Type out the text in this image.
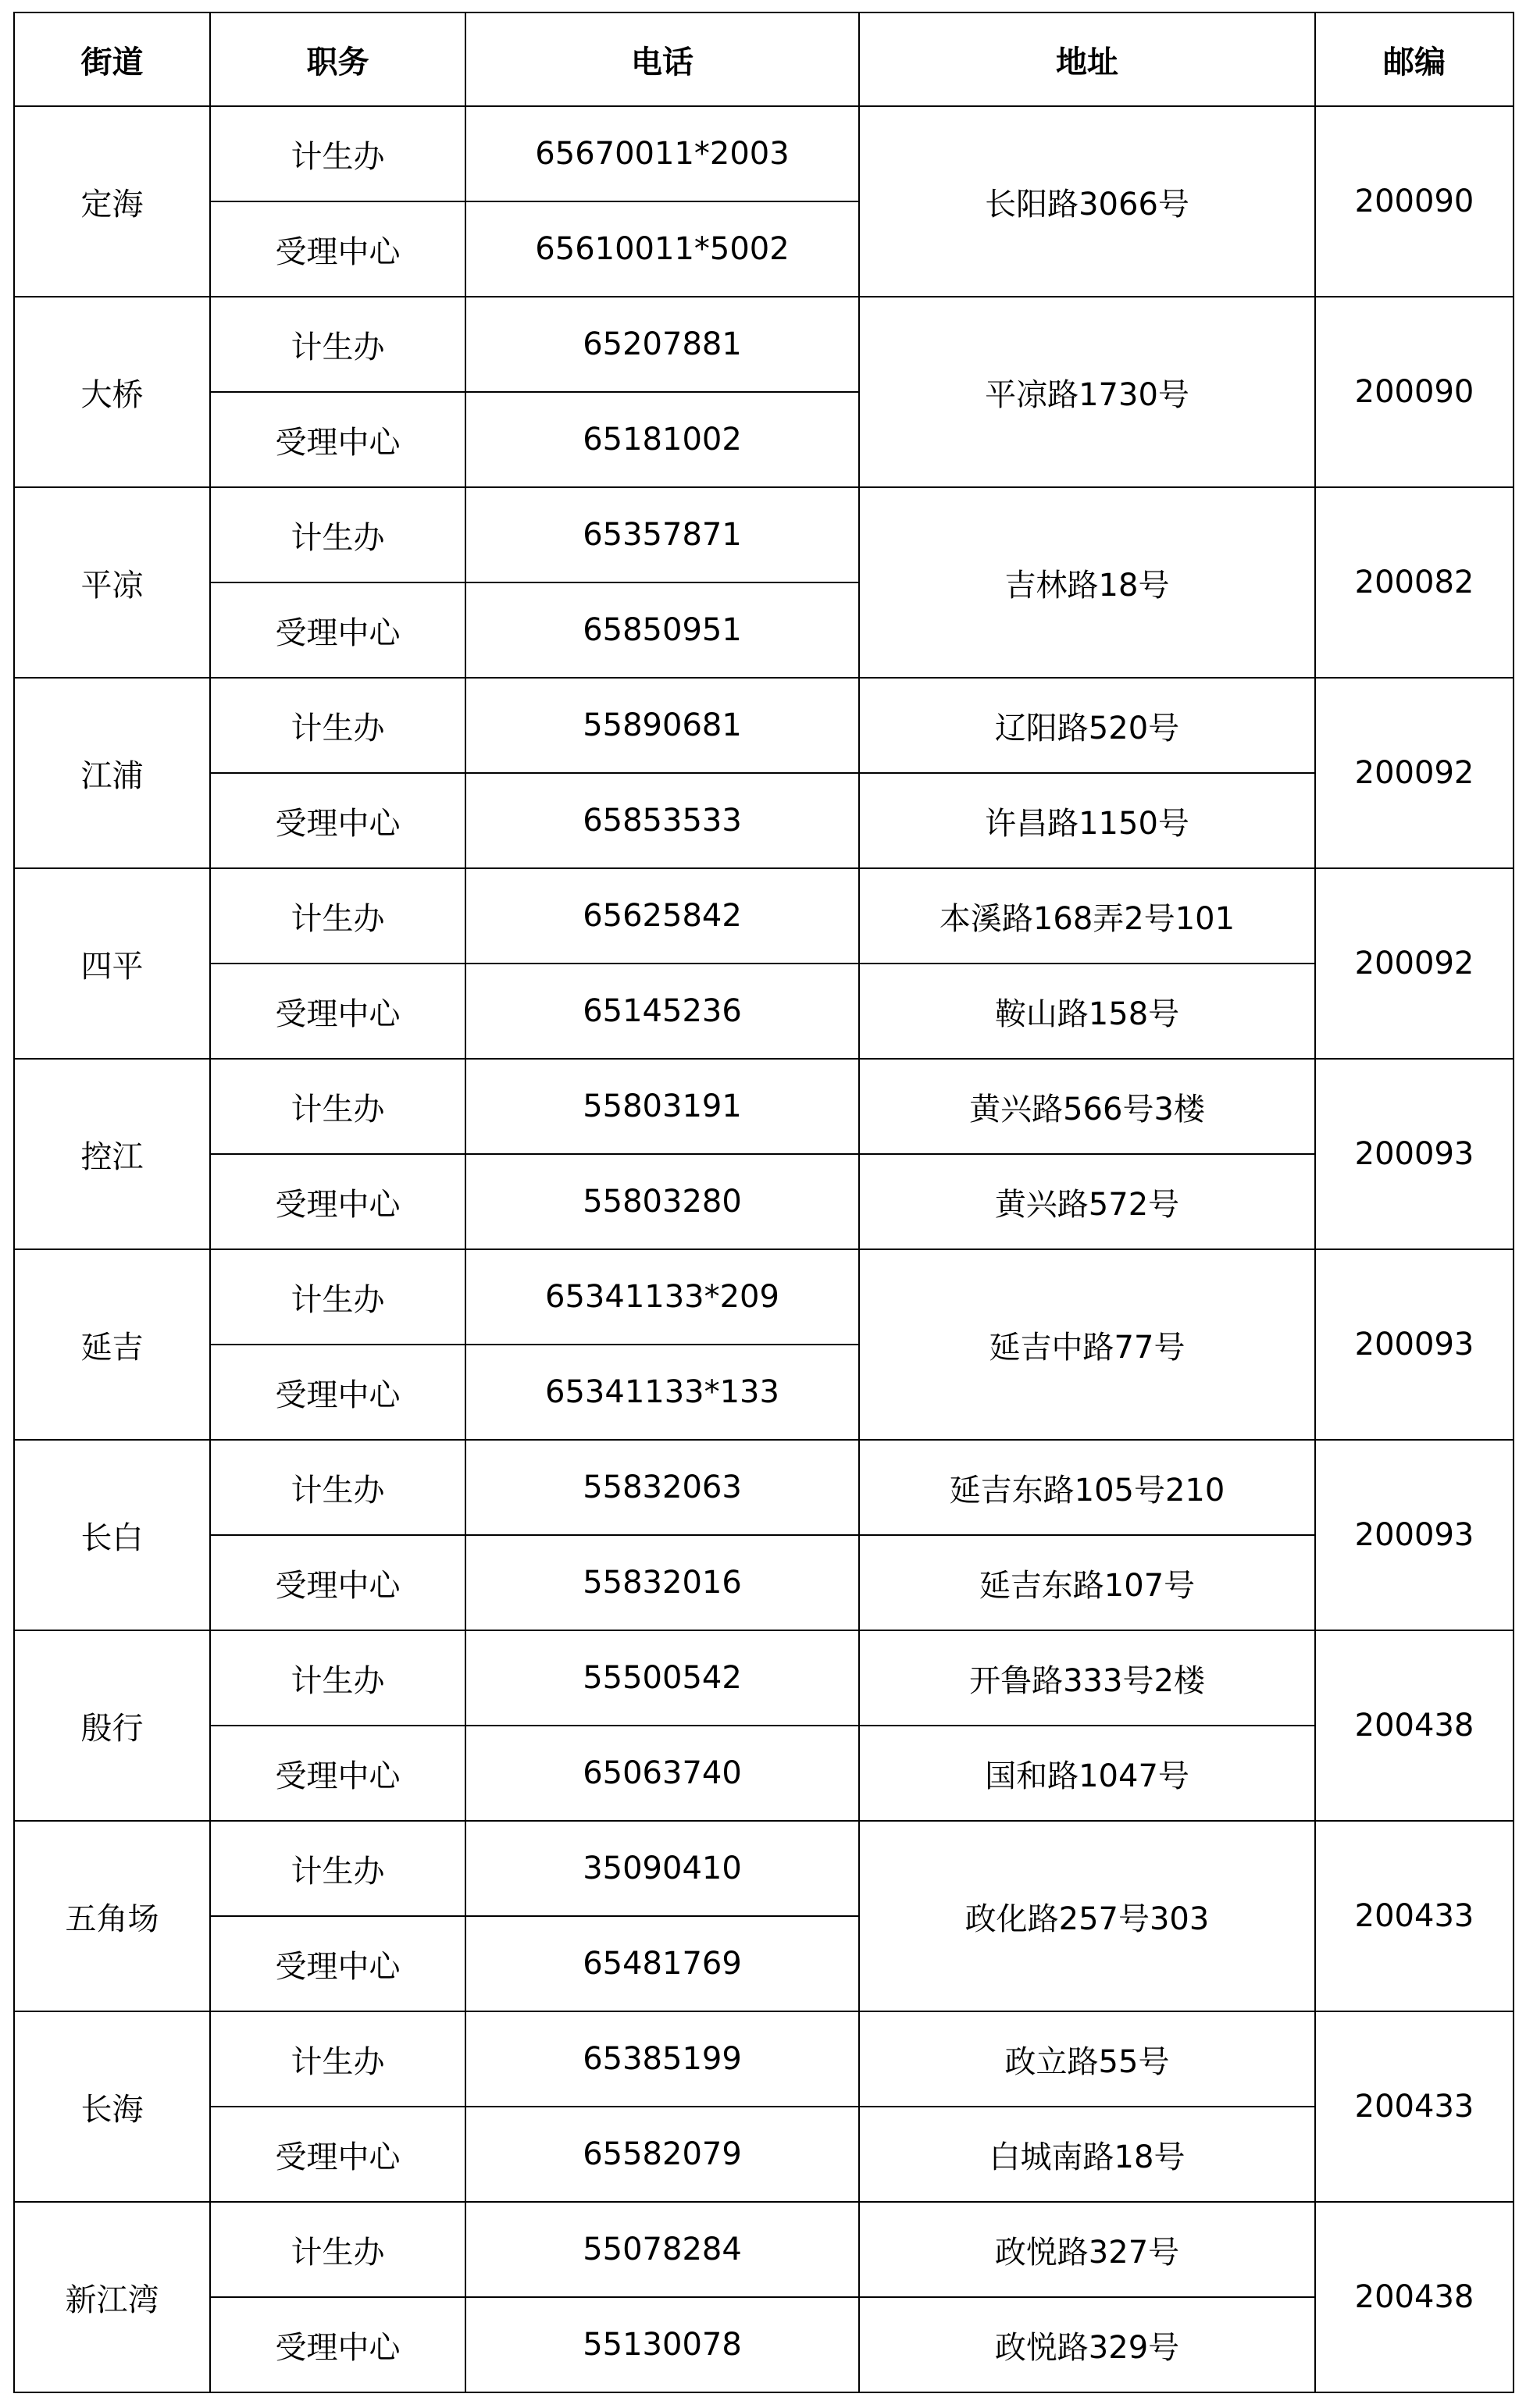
街道	职务	电话	地址	邮编
定海	计生办	65670011*2003	长阳路3066号	200090
	受理中心	65610011*5002		
大桥	计生办	65207881	平凉路1730号	200090
	受理中心	65181002		
平凉	计生办	65357871	吉林路18号	200082
	受理中心	65850951		
江浦	计生办	55890681	辽阳路520号	200092
	受理中心	65853533	许昌路1150号	
四平	计生办	65625842	本溪路168弄2号101	200092
	受理中心	65145236	鞍山路158号	
控江	计生办	55803191	黄兴路566号3楼	200093
	受理中心	55803280	黄兴路572号	
延吉	计生办	65341133*209	延吉中路77号	200093
	受理中心	65341133*133		
长白	计生办	55832063	延吉东路105号210	200093
	受理中心	55832016	延吉东路107号	
殷行	计生办	55500542	开鲁路333号2楼	200438
	受理中心	65063740	国和路1047号	
五角场	计生办	35090410	政化路257号303	200433
	受理中心	65481769		
长海	计生办	65385199	政立路55号	200433
	受理中心	65582079	白城南路18号	
新江湾	计生办	55078284	政悦路327号	200438
	受理中心	55130078	政悦路329号	
